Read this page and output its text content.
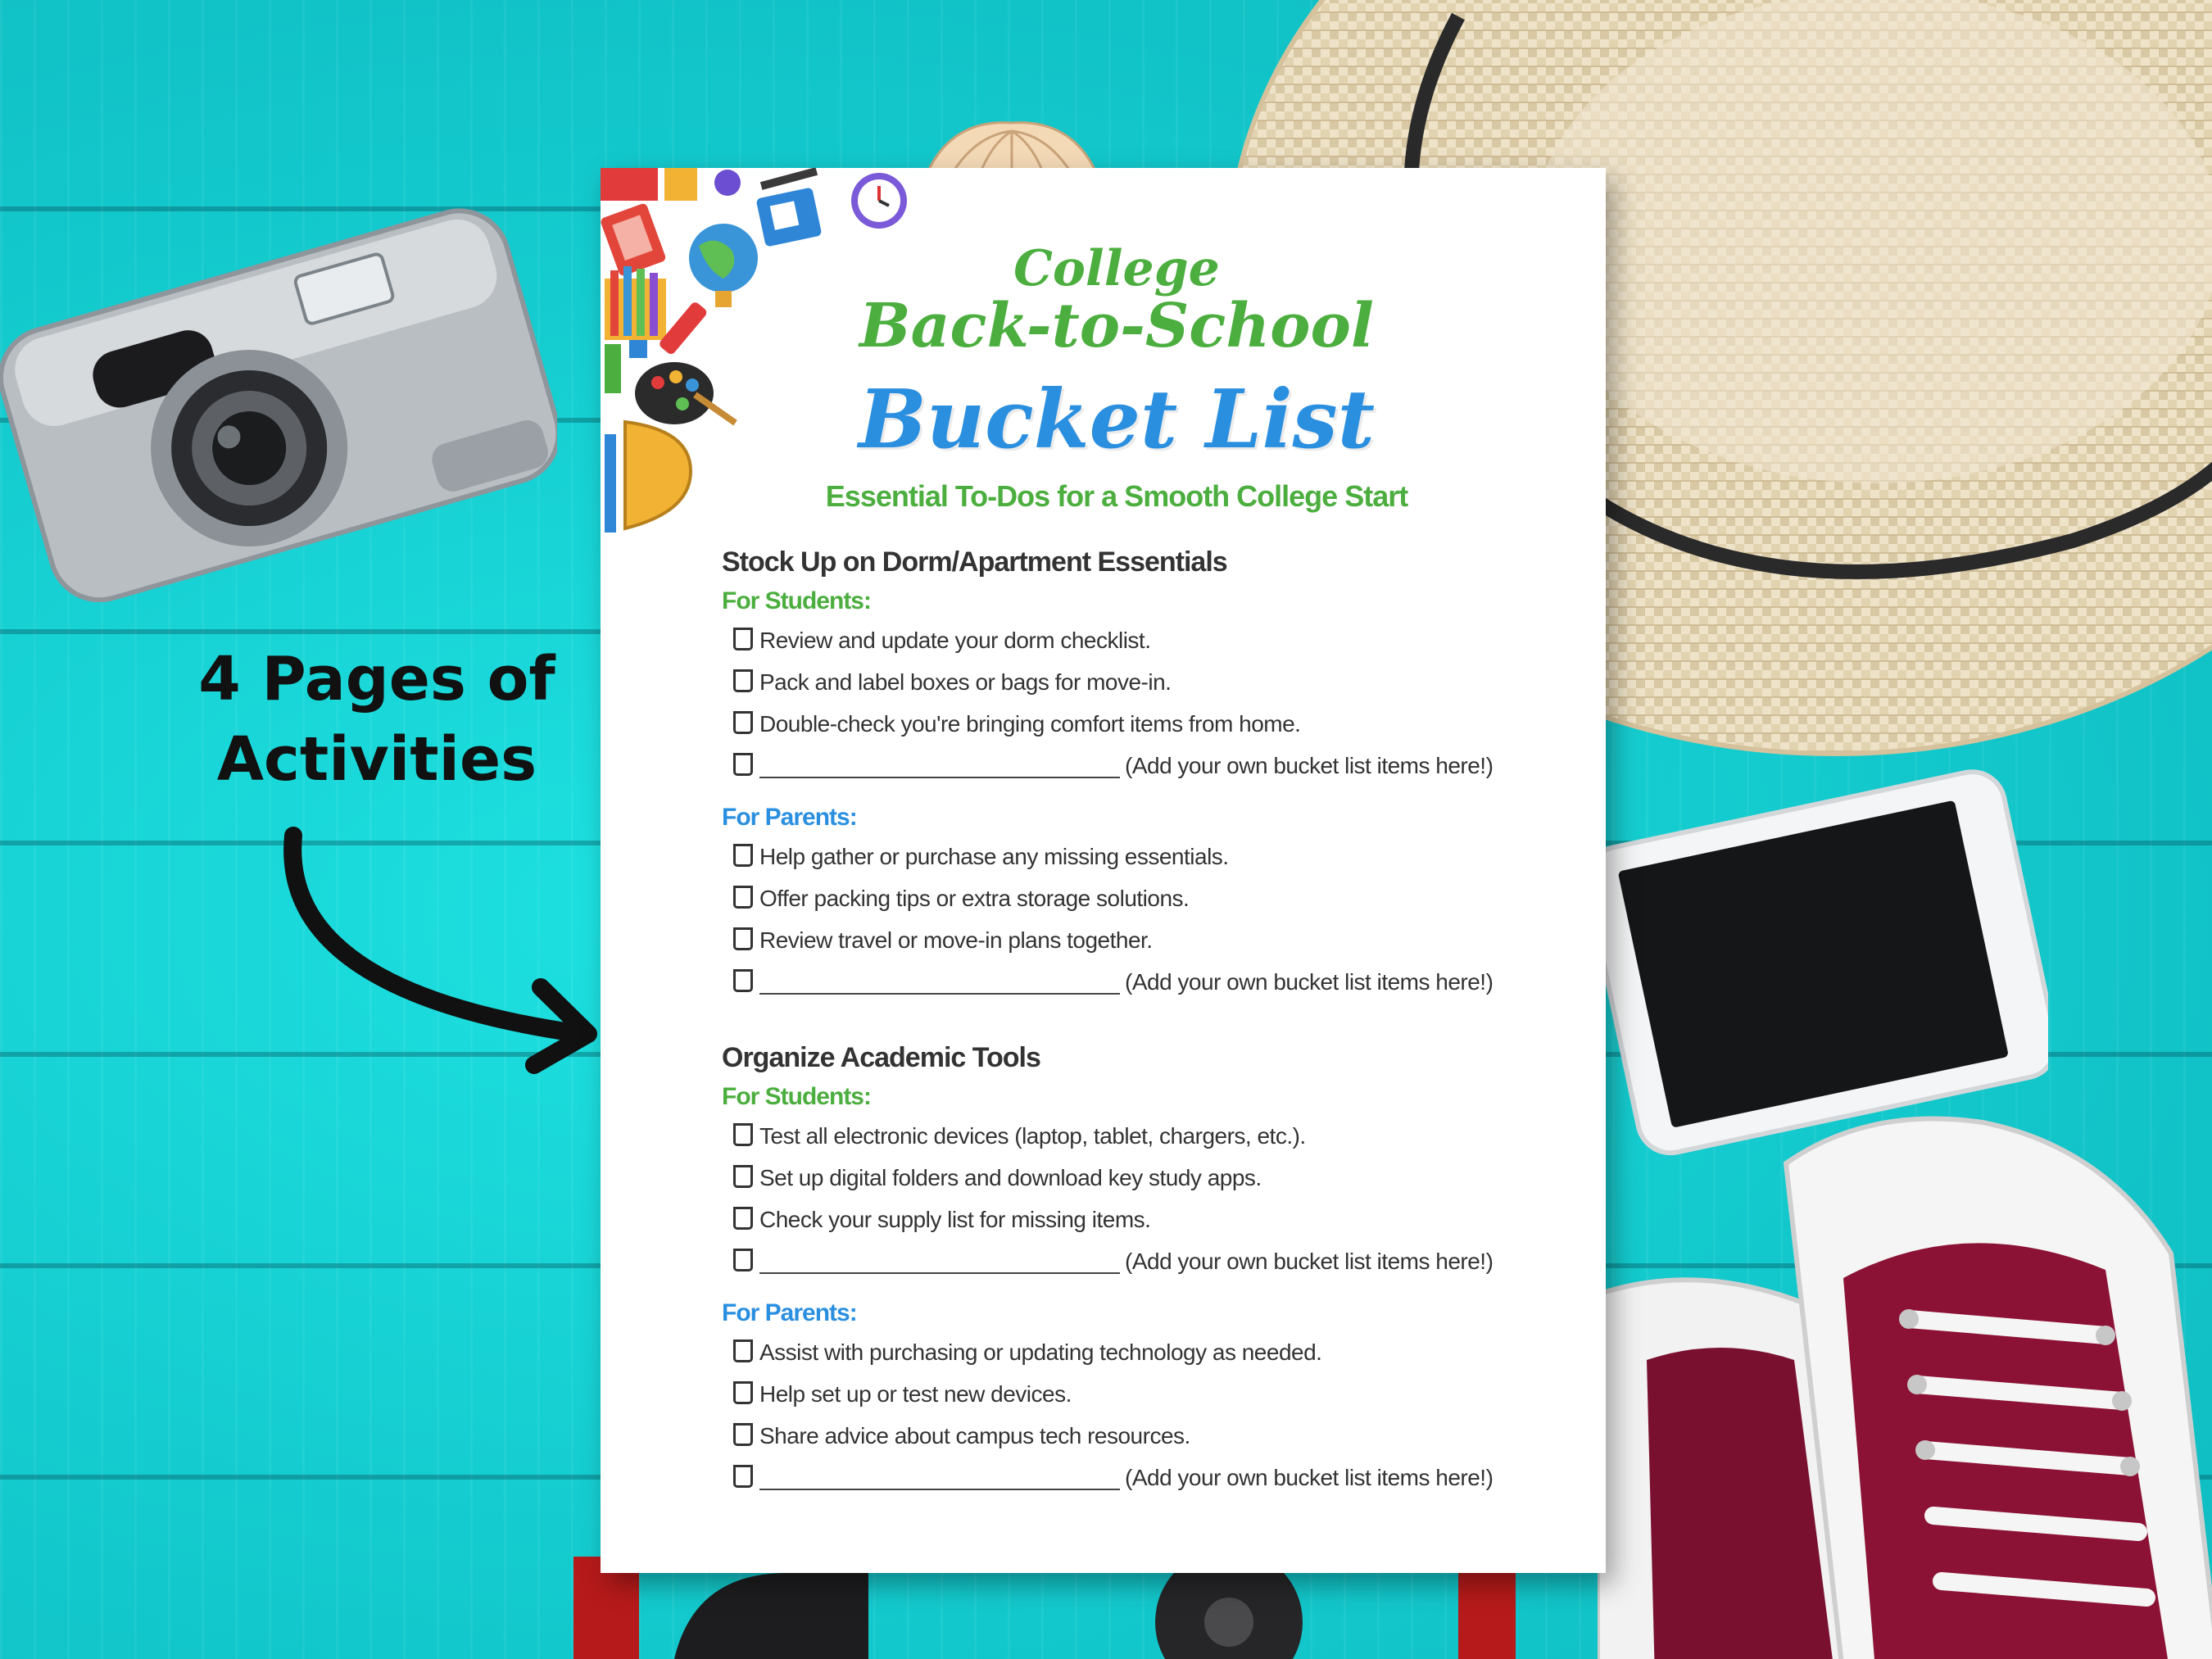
4 Pages of
Activities
College
Back-to-School
Bucket List
Essential To-Dos for a Smooth College Start
Stock Up on Dorm/Apartment Essentials
For Students:
Review and update your dorm checklist.
Pack and label boxes or bags for move-in.
Double-check you're bringing comfort items from home.
(Add your own bucket list items here!)
For Parents:
Help gather or purchase any missing essentials.
Offer packing tips or extra storage solutions.
Review travel or move-in plans together.
(Add your own bucket list items here!)
Organize Academic Tools
For Students:
Test all electronic devices (laptop, tablet, chargers, etc.).
Set up digital folders and download key study apps.
Check your supply list for missing items.
(Add your own bucket list items here!)
For Parents:
Assist with purchasing or updating technology as needed.
Help set up or test new devices.
Share advice about campus tech resources.
(Add your own bucket list items here!)
